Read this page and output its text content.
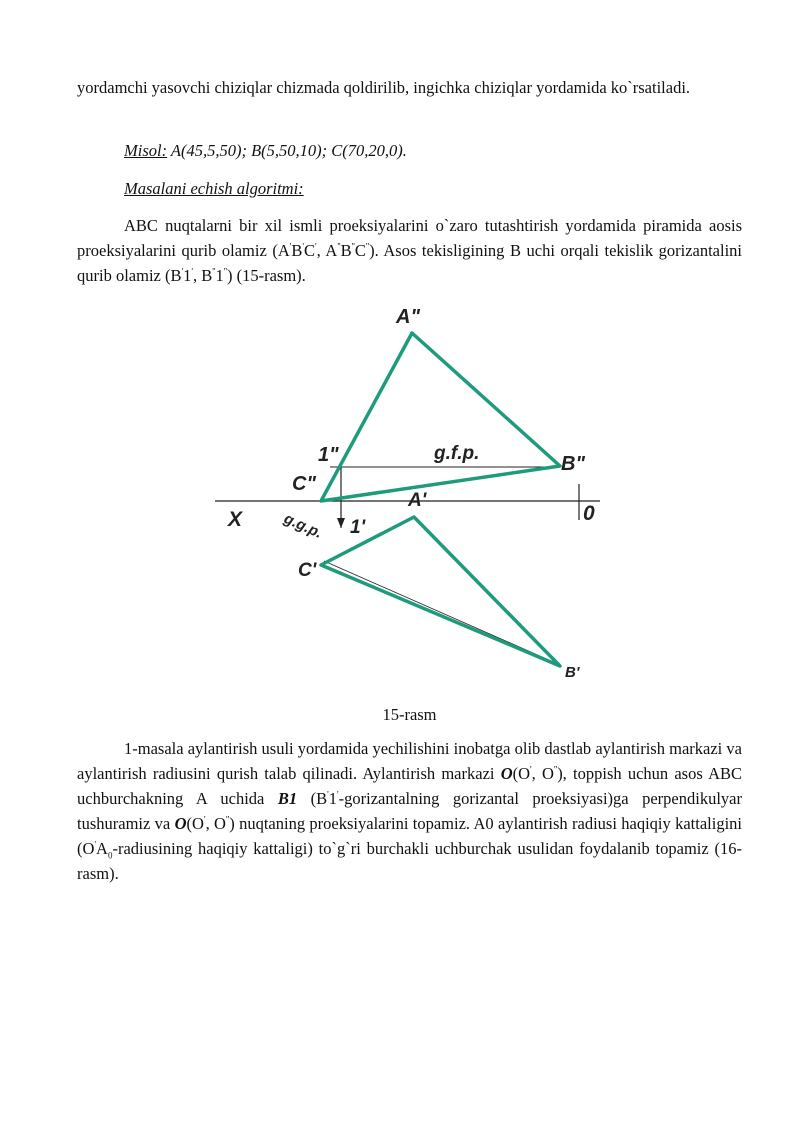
yordamchi yasovchi chiziqlar chizmada qoldirilib, ingichka chiziqlar yordamida ko`rsatiladi.

Misol: A(45,5,50); B(5,50,10); C(70,20,0).

Masalani echish algoritmi:

ABC nuqtalarni bir xil ismli proeksiyalarini o`zaro tutashtirish yordamida piramida aosis proeksiyalarini qurib olamiz (A'B'C', A''B''C''). Asos tekisligining B uchi orqali tekislik gorizantalini qurib olamiz (B'1', B''1'') (15-rasm).

15-rasm

1-masala aylantirish usuli yordamida yechilishini inobatga olib dastlab aylantirish markazi va aylantirish radiusini qurish talab qilinadi. Aylantirish markazi O(O', O''), toppish uchun asos ABC uchburchakning A uchida B1 (B'1'-gorizantalning gorizantal proeksiyasi)ga perpendikulyar tushuramiz va O(O', O'') nuqtaning proeksiyalarini topamiz. A0 aylantirish radiusi haqiqiy kattaligini ($O'A_0$-radiusining haqiqiy kattaligi) to`g`ri burchakli uchburchak usulidan foydalanib topamiz (16-rasm).

A"
B"
C"
1"
A'
B'
C'
1'
X	0
g.f.p.
g.g.p.
